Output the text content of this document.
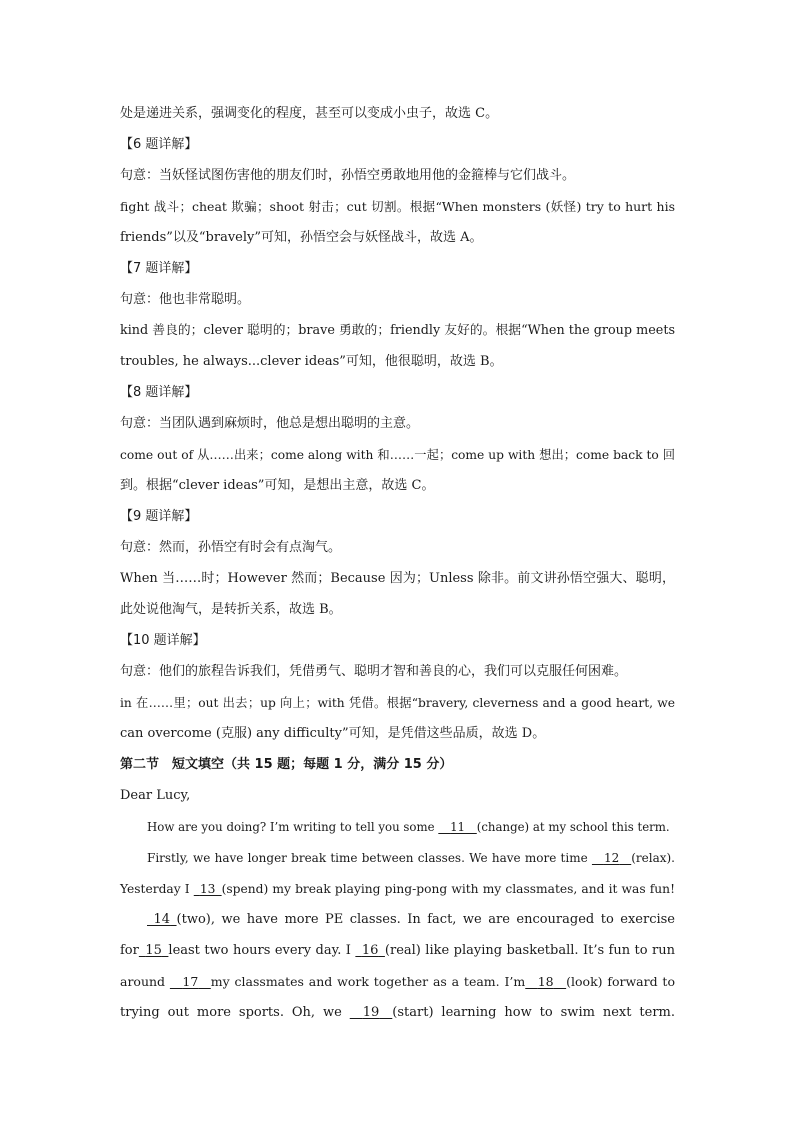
处是递进关系，强调变化的程度，甚至可以变成小虫子，故选 C。
【6 题详解】
句意：当妖怪试图伤害他的朋友们时，孙悟空勇敢地用他的金箍棒与它们战斗。
fight 战斗；cheat 欺骗；shoot 射击；cut 切割。根据“When monsters (妖怪) try to hurt his
friends”以及“bravely”可知，孙悟空会与妖怪战斗，故选 A。
【7 题详解】
句意：他也非常聪明。
kind 善良的；clever 聪明的；brave 勇敢的；friendly 友好的。根据“When the group meets
troubles, he always...clever ideas”可知，他很聪明，故选 B。
【8 题详解】
句意：当团队遇到麻烦时，他总是想出聪明的主意。
come out of 从……出来；come along with 和……一起；come up with 想出；come back to 回
到。根据“clever ideas”可知，是想出主意，故选 C。
【9 题详解】
句意：然而，孙悟空有时会有点淘气。
When 当……时；However 然而；Because 因为；Unless 除非。前文讲孙悟空强大、聪明，
此处说他淘气，是转折关系，故选 B。
【10 题详解】
句意：他们的旅程告诉我们，凭借勇气、聪明才智和善良的心，我们可以克服任何困难。
in 在……里；out 出去；up 向上；with 凭借。根据“bravery, cleverness and a good heart, we
can overcome (克服) any difficulty”可知，是凭借这些品质，故选 D。
第二节　短文填空（共 15 题；每题 1 分，满分 15 分）
Dear Lucy,
How are you doing? I’m writing to tell you some   11   (change) at my school this term.
Firstly, we have longer break time between classes. We have more time   12   (relax).
Yesterday I  13  (spend) my break playing ping-pong with my classmates, and it was fun!
 14  (two), we have more PE classes. In fact, we are encouraged to exercise
for  15  least two hours every day. I  16  (real) like playing basketball. It’s fun to run
around   17   my classmates and work together as a team. I’m   18   (look) forward to
trying out more sports. Oh, we   19   (start) learning how to swim next term.
